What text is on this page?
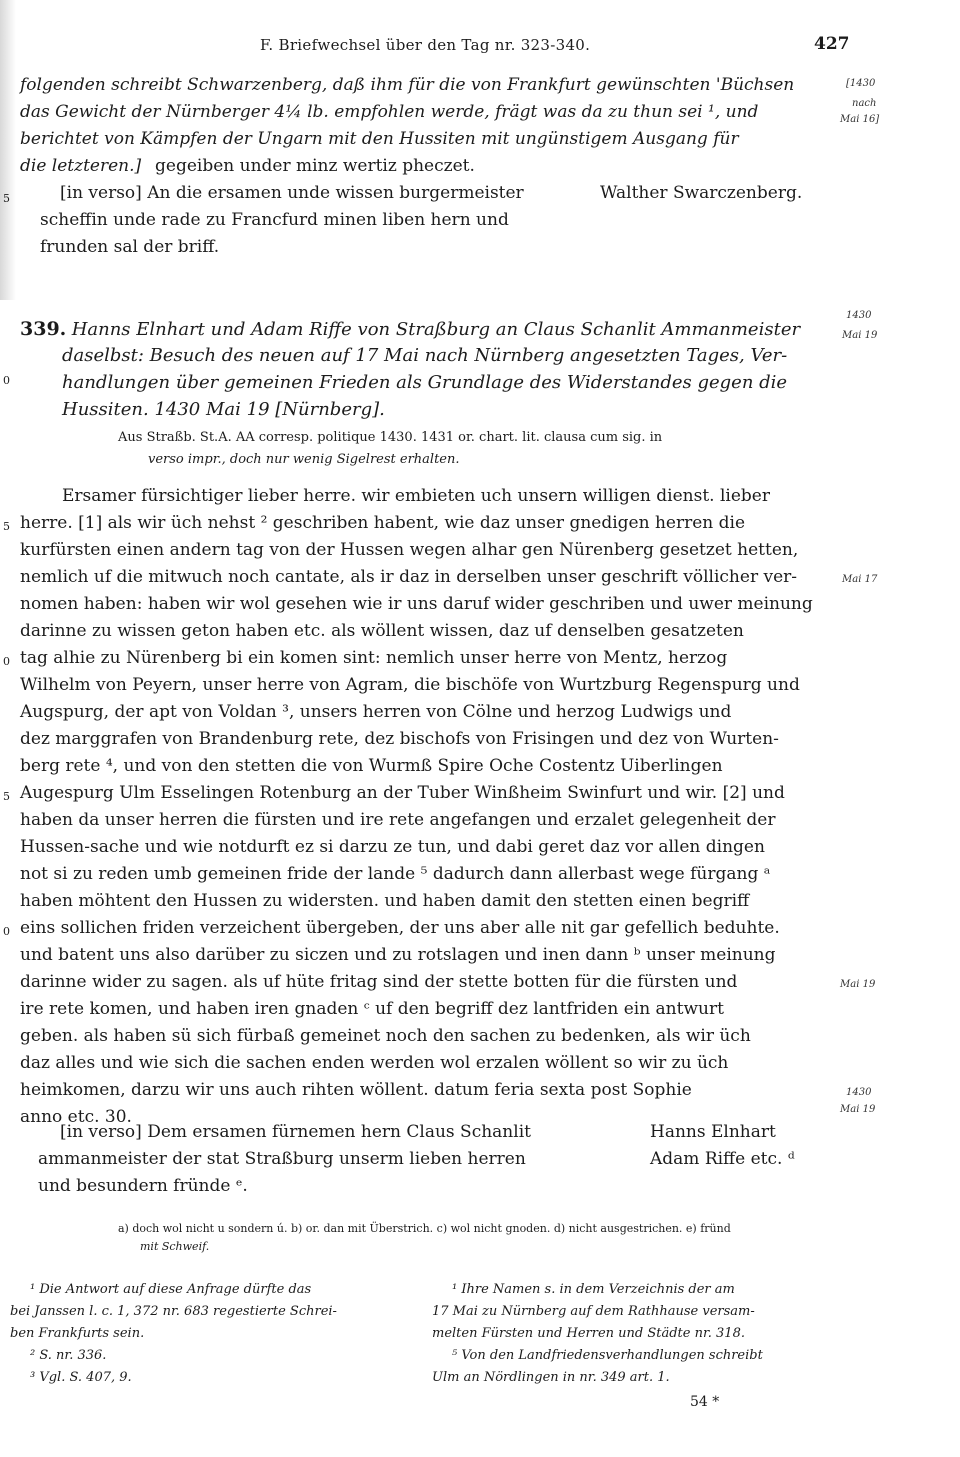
F. Briefwechsel über den Tag nr. 323-340.	427
folgenden schreibt Schwarzenberg, daß ihm für die von Frankfurt gewünschten 'Büchsen
das Gewicht der Nürnberger 4¼ lb. empfohlen werde, frägt was da zu thun sei ¹, und
berichtet von Kämpfen der Ungarn mit den Hussiten mit ungünstigem Ausgang für
die letzteren.] gegeiben under minz wertiz pheczet.
[in verso] An die ersamen unde wissen burgermeister	Walther Swarczenberg.
scheffin unde rade zu Francfurd minen liben hern und
frunden sal der briff.
[1430
nach
Mai 16]
5
339. Hanns Elnhart und Adam Riffe von Straßburg an Claus Schanlit Ammanmeister
daselbst: Besuch des neuen auf 17 Mai nach Nürnberg angesetzten Tages, Ver-
handlungen über gemeinen Frieden als Grundlage des Widerstandes gegen die
Hussiten. 1430 Mai 19 [Nürnberg].
1430
Mai 19
0
Aus Straßb. St.A. AA corresp. politique 1430. 1431 or. chart. lit. clausa cum sig. in
verso impr., doch nur wenig Sigelrest erhalten.
Ersamer fürsichtiger lieber herre. wir embieten uch unsern willigen dienst. lieber
herre. [1] als wir üch nehst ² geschriben habent, wie daz unser gnedigen herren die
kurfürsten einen andern tag von der Hussen wegen alhar gen Nürenberg gesetzet hetten,
nemlich uf die mitwuch noch cantate, als ir daz in derselben unser geschrift völlicher ver-
nomen haben: haben wir wol gesehen wie ir uns daruf wider geschriben und uwer meinung
darinne zu wissen geton haben etc. als wöllent wissen, daz uf denselben gesatzeten
tag alhie zu Nürenberg bi ein komen sint: nemlich unser herre von Mentz, herzog
Wilhelm von Peyern, unser herre von Agram, die bischöfe von Wurtzburg Regenspurg und
Augspurg, der apt von Voldan ³, unsers herren von Cölne und herzog Ludwigs und
dez marggrafen von Brandenburg rete, dez bischofs von Frisingen und dez von Wurten-
berg rete ⁴, und von den stetten die von Wurmß Spire Oche Costentz Uiberlingen
Augespurg Ulm Esselingen Rotenburg an der Tuber Winßheim Swinfurt und wir. [2] und
haben da unser herren die fürsten und ire rete angefangen und erzalet gelegenheit der
Hussen-sache und wie notdurft ez si darzu ze tun, und dabi geret daz vor allen dingen
not si zu reden umb gemeinen fride der lande ⁵ dadurch dann allerbast wege fürgang ᵃ
haben möhtent den Hussen zu widersten. und haben damit den stetten einen begriff
eins sollichen friden verzeichent übergeben, der uns aber alle nit gar gefellich beduhte.
und batent uns also darüber zu siczen und zu rotslagen und inen dann ᵇ unser meinung
darinne wider zu sagen. als uf hüte fritag sind der stette botten für die fürsten und
ire rete komen, und haben iren gnaden ᶜ uf den begriff dez lantfriden ein antwurt
geben. als haben sü sich fürbaß gemeinet noch den sachen zu bedenken, als wir üch
daz alles und wie sich die sachen enden werden wol erzalen wöllent so wir zu üch
heimkomen, darzu wir uns auch rihten wöllent. datum feria sexta post Sophie
anno etc. 30.
5
0
5
0
Mai 17
Mai 19
1430
Mai 19
[in verso] Dem ersamen fürnemen hern Claus Schanlit
ammanmeister der stat Straßburg unserm lieben herren
und besundern fründe ᵉ.
Hanns Elnhart
Adam Riffe etc. ᵈ
a) doch wol nicht u sondern ú. b) or. dan mit Überstrich. c) wol nicht gnoden. d) nicht ausgestrichen. e) fründ
mit Schweif.
¹ Die Antwort auf diese Anfrage dürfte das
bei Janssen l. c. 1, 372 nr. 683 regestierte Schrei-
ben Frankfurts sein.
² S. nr. 336.
³ Vgl. S. 407, 9.
¹ Ihre Namen s. in dem Verzeichnis der am
17 Mai zu Nürnberg auf dem Rathhause versam-
melten Fürsten und Herren und Städte nr. 318.
⁵ Von den Landfriedensverhandlungen schreibt
Ulm an Nördlingen in nr. 349 art. 1.
54 *
